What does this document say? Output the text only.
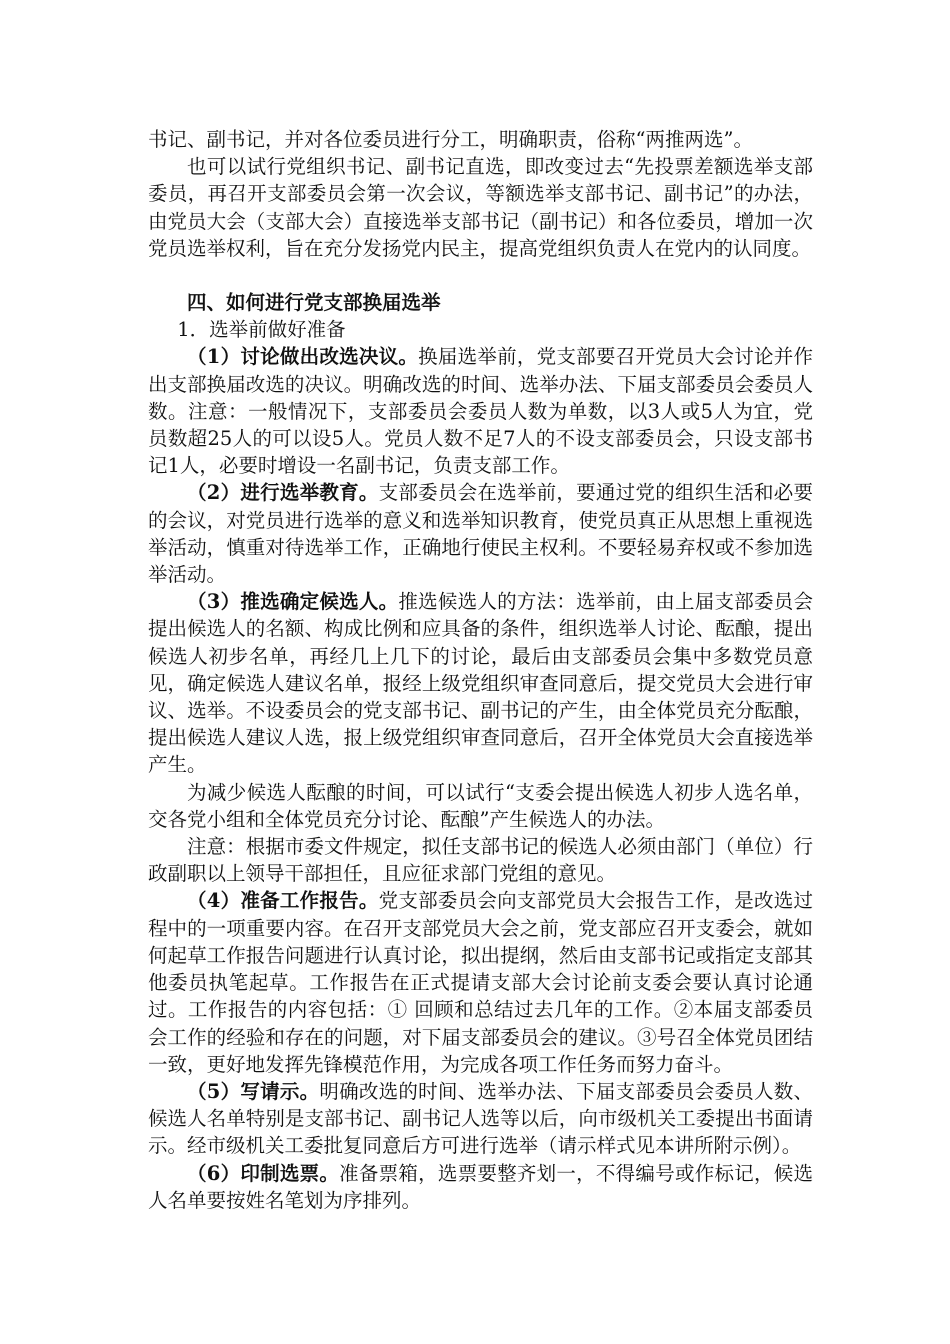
书记、副书记，并对各位委员进行分工，明确职责，俗称“两推两选”。

也可以试行党组织书记、副书记直选，即改变过去“先投票差额选举支部委员，再召开支部委员会第一次会议，等额选举支部书记、副书记”的办法，由党员大会（支部大会）直接选举支部书记（副书记）和各位委员，增加一次党员选举权利，旨在充分发扬党内民主，提高党组织负责人在党内的认同度。

四、如何进行党支部换届选举

1．选举前做好准备

（1）讨论做出改选决议。换届选举前，党支部要召开党员大会讨论并作出支部换届改选的决议。明确改选的时间、选举办法、下届支部委员会委员人数。注意：一般情况下，支部委员会委员人数为单数，以3人或5人为宜，党员数超25人的可以设5人。党员人数不足7人的不设支部委员会，只设支部书记1人，必要时增设一名副书记，负责支部工作。

（2）进行选举教育。支部委员会在选举前，要通过党的组织生活和必要的会议，对党员进行选举的意义和选举知识教育，使党员真正从思想上重视选举活动，慎重对待选举工作，正确地行使民主权利。不要轻易弃权或不参加选举活动。

（3）推选确定候选人。推选候选人的方法：选举前，由上届支部委员会提出候选人的名额、构成比例和应具备的条件，组织选举人讨论、酝酿，提出候选人初步名单，再经几上几下的讨论，最后由支部委员会集中多数党员意见，确定候选人建议名单，报经上级党组织审查同意后，提交党员大会进行审议、选举。不设委员会的党支部书记、副书记的产生，由全体党员充分酝酿，提出候选人建议人选，报上级党组织审查同意后，召开全体党员大会直接选举产生。

为减少候选人酝酿的时间，可以试行“支委会提出候选人初步人选名单，交各党小组和全体党员充分讨论、酝酿”产生候选人的办法。

注意：根据市委文件规定，拟任支部书记的候选人必须由部门（单位）行政副职以上领导干部担任，且应征求部门党组的意见。

（4）准备工作报告。党支部委员会向支部党员大会报告工作，是改选过程中的一项重要内容。在召开支部党员大会之前，党支部应召开支委会，就如何起草工作报告问题进行认真讨论，拟出提纲，然后由支部书记或指定支部其他委员执笔起草。工作报告在正式提请支部大会讨论前支委会要认真讨论通过。工作报告的内容包括：① 回顾和总结过去几年的工作。②本届支部委员会工作的经验和存在的问题，对下届支部委员会的建议。③号召全体党员团结一致，更好地发挥先锋模范作用，为完成各项工作任务而努力奋斗。

（5）写请示。明确改选的时间、选举办法、下届支部委员会委员人数、候选人名单特别是支部书记、副书记人选等以后，向市级机关工委提出书面请示。经市级机关工委批复同意后方可进行选举（请示样式见本讲所附示例）。

（6）印制选票。准备票箱，选票要整齐划一，不得编号或作标记，候选人名单要按姓名笔划为序排列。
